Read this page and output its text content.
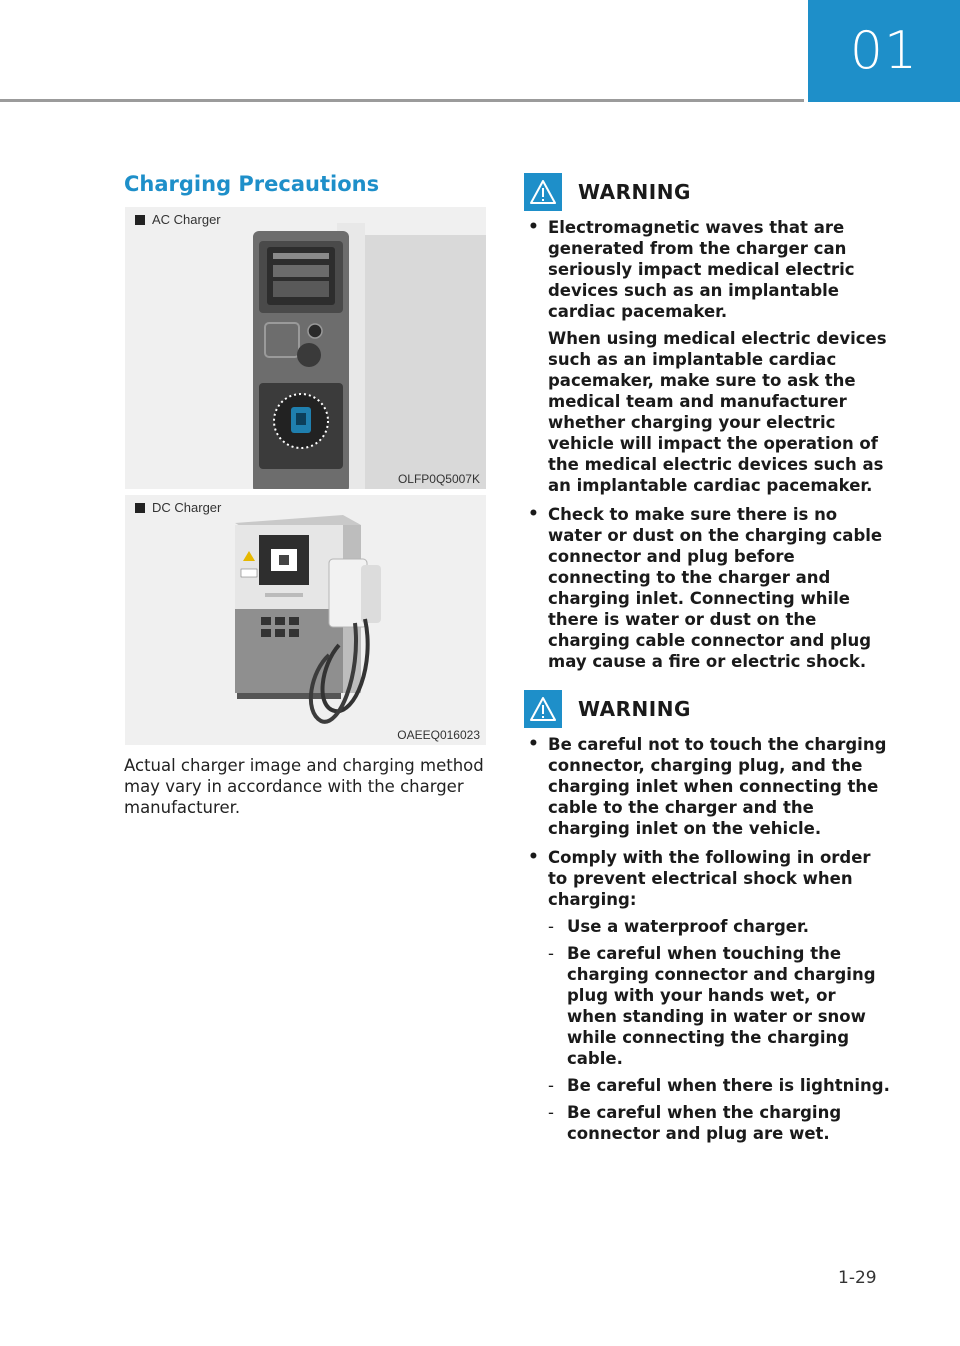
01
Charging Precautions
AC Charger
OLFP0Q5007K
DC Charger
OAEEQ016023

Actual charger image and charging method may vary in accordance with the charger manufacturer.

WARNING

• Electromagnetic waves that are generated from the charger can seriously impact medical electric devices such as an implantable cardiac pacemaker.

When using medical electric devices such as an implantable cardiac pacemaker, make sure to ask the medical team and manufacturer whether charging your electric vehicle will impact the operation of the medical electric devices such as an implantable cardiac pacemaker.

• Check to make sure there is no water or dust on the charging cable connector and plug before connecting to the charger and charging inlet. Connecting while there is water or dust on the charging cable connector and plug may cause a fire or electric shock.

WARNING

• Be careful not to touch the charging connector, charging plug, and the charging inlet when connecting the cable to the charger and the charging inlet on the vehicle.

• Comply with the following in order to prevent electrical shock when charging:

- Use a waterproof charger.
- Be careful when touching the charging connector and charging plug with your hands wet, or when standing in water or snow while connecting the charging cable.
- Be careful when there is lightning.
- Be careful when the charging connector and plug are wet.
1-29
